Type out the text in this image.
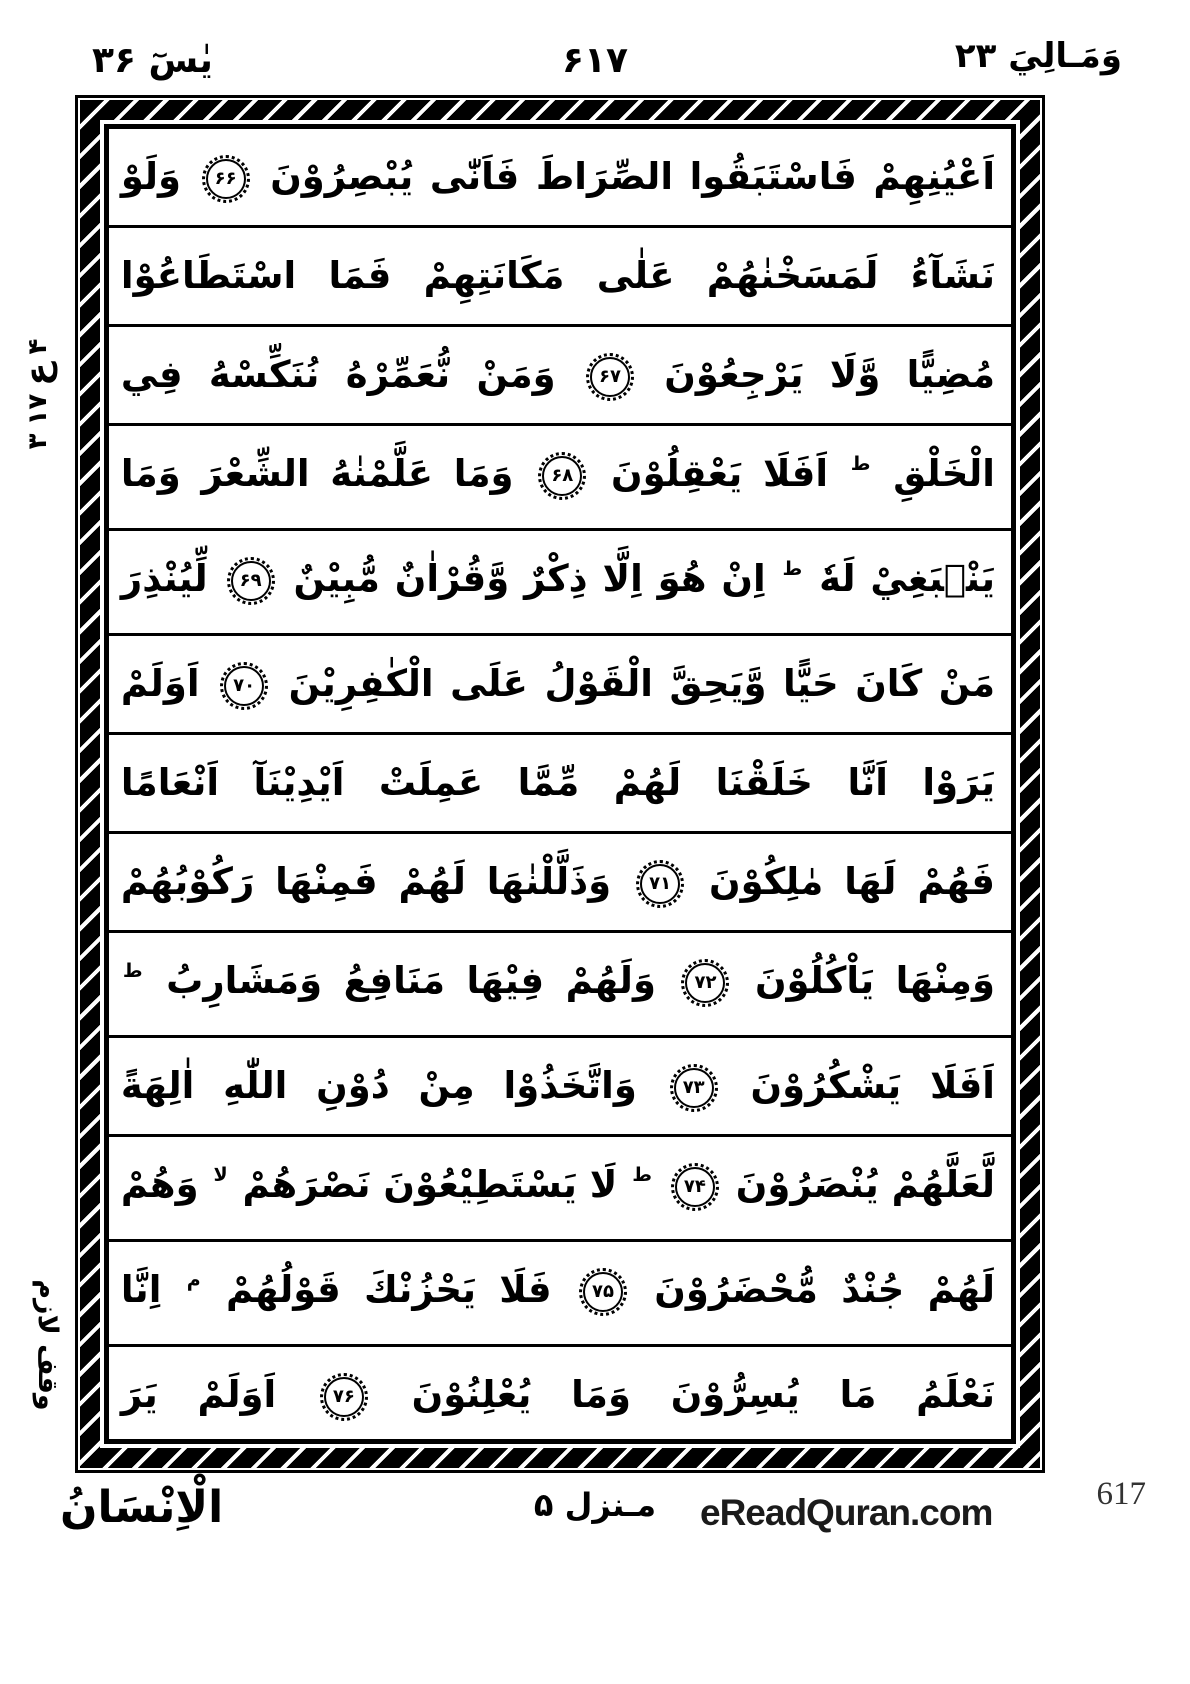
وَمَـالِيَ ۲۳
۶۱۷
يٰسٓ ۳۶
اَعْيُنِهِمْ فَاسْتَبَقُوا الصِّرَاطَ فَاَنّٰى يُبْصِرُوْنَ ۶۶ وَلَوْ
نَشَآءُ لَمَسَخْنٰهُمْ عَلٰى مَكَانَتِهِمْ فَمَا اسْتَطَاعُوْا
مُضِيًّا وَّلَا يَرْجِعُوْنَ ۶۷ وَمَنْ نُّعَمِّرْهُ نُنَكِّسْهُ فِي
الْخَلْقِ $^ط$ اَفَلَا يَعْقِلُوْنَ ۶۸ وَمَا عَلَّمْنٰهُ الشِّعْرَ وَمَا
يَنْۢبَغِيْ لَهٗ $^ط$ اِنْ هُوَ اِلَّا ذِكْرٌ وَّقُرْاٰنٌ مُّبِيْنٌ ۶۹ لِّيُنْذِرَ
مَنْ كَانَ حَيًّا وَّيَحِقَّ الْقَوْلُ عَلَى الْكٰفِرِيْنَ ۷۰ اَوَلَمْ
يَرَوْا اَنَّا خَلَقْنَا لَهُمْ مِّمَّا عَمِلَتْ اَيْدِيْنَآ اَنْعَامًا
فَهُمْ لَهَا مٰلِكُوْنَ ۷۱ وَذَلَّلْنٰهَا لَهُمْ فَمِنْهَا رَكُوْبُهُمْ
وَمِنْهَا يَاْكُلُوْنَ ۷۲ وَلَهُمْ فِيْهَا مَنَافِعُ وَمَشَارِبُ $^ط$
اَفَلَا يَشْكُرُوْنَ ۷۳ وَاتَّخَذُوْا مِنْ دُوْنِ اللّٰهِ اٰلِهَةً
لَّعَلَّهُمْ يُنْصَرُوْنَ ۷۴ $^ط$ لَا يَسْتَطِيْعُوْنَ نَصْرَهُمْ $^{لا}$ وَهُمْ
لَهُمْ جُنْدٌ مُّحْضَرُوْنَ ۷۵ فَلَا يَحْزُنْكَ قَوْلُهُمْ $^م$ اِنَّا
نَعْلَمُ مَا يُسِرُّوْنَ وَمَا يُعْلِنُوْنَ ۷۶ اَوَلَمْ يَرَ
۴
ع
۱۷
۳
وقف لازم
الْاِنْسَانُ	مـنزل ۵ eReadQuran.com	617
